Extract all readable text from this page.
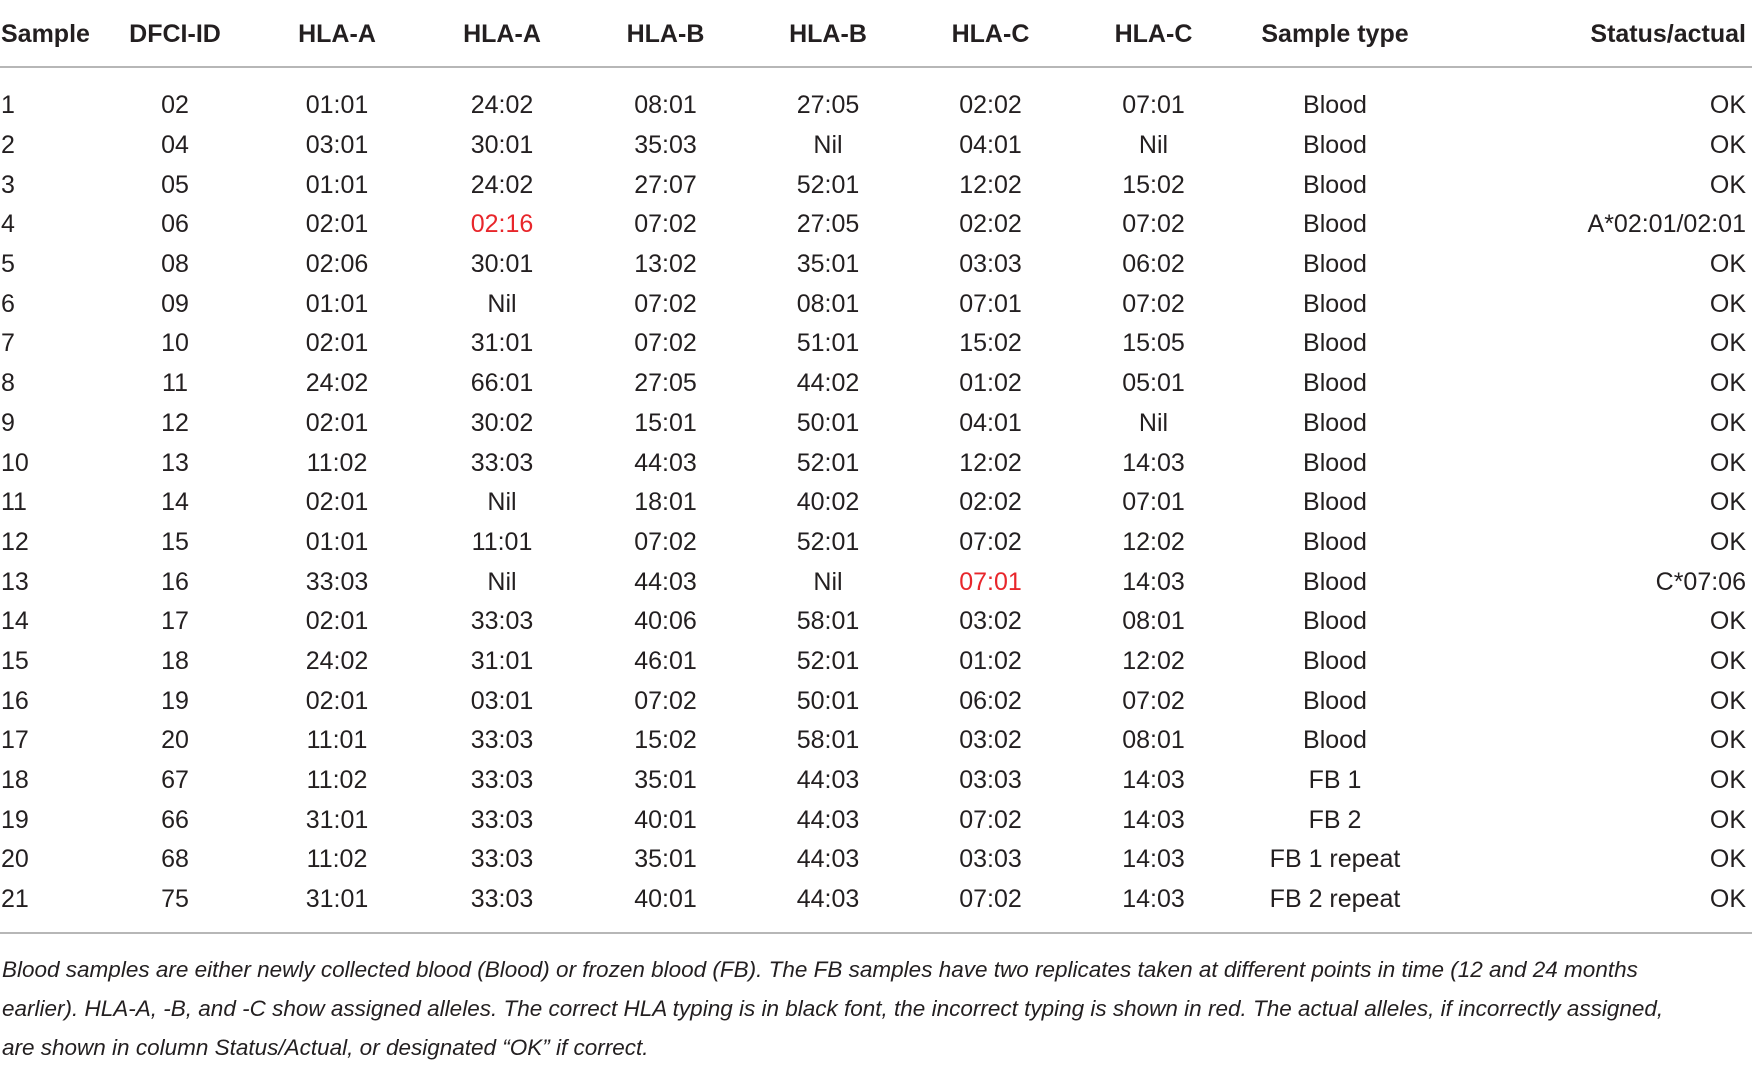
Sample	DFCI-ID	HLA-A	HLA-A	HLA-B	HLA-B	HLA-C	HLA-C	Sample type	Status/actual

1	02	01:01	24:02	08:01	27:05	02:02	07:01	Blood	OK
2	04	03:01	30:01	35:03	Nil	04:01	Nil	Blood	OK
3	05	01:01	24:02	27:07	52:01	12:02	15:02	Blood	OK
4	06	02:01	02:16	07:02	27:05	02:02	07:02	Blood	A*02:01/02:01
5	08	02:06	30:01	13:02	35:01	03:03	06:02	Blood	OK
6	09	01:01	Nil	07:02	08:01	07:01	07:02	Blood	OK
7	10	02:01	31:01	07:02	51:01	15:02	15:05	Blood	OK
8	11	24:02	66:01	27:05	44:02	01:02	05:01	Blood	OK
9	12	02:01	30:02	15:01	50:01	04:01	Nil	Blood	OK
10	13	11:02	33:03	44:03	52:01	12:02	14:03	Blood	OK
11	14	02:01	Nil	18:01	40:02	02:02	07:01	Blood	OK
12	15	01:01	11:01	07:02	52:01	07:02	12:02	Blood	OK
13	16	33:03	Nil	44:03	Nil	07:01	14:03	Blood	C*07:06
14	17	02:01	33:03	40:06	58:01	03:02	08:01	Blood	OK
15	18	24:02	31:01	46:01	52:01	01:02	12:02	Blood	OK
16	19	02:01	03:01	07:02	50:01	06:02	07:02	Blood	OK
17	20	11:01	33:03	15:02	58:01	03:02	08:01	Blood	OK
18	67	11:02	33:03	35:01	44:03	03:03	14:03	FB 1	OK
19	66	31:01	33:03	40:01	44:03	07:02	14:03	FB 2	OK
20	68	11:02	33:03	35:01	44:03	03:03	14:03	FB 1 repeat	OK
21	75	31:01	33:03	40:01	44:03	07:02	14:03	FB 2 repeat	OK
Blood samples are either newly collected blood (Blood) or frozen blood (FB). The FB samples have two replicates taken at different points in time (12 and 24 months
earlier). HLA-A, -B, and -C show assigned alleles. The correct HLA typing is in black font, the incorrect typing is shown in red. The actual alleles, if incorrectly assigned,
are shown in column Status/Actual, or designated “OK” if correct.
